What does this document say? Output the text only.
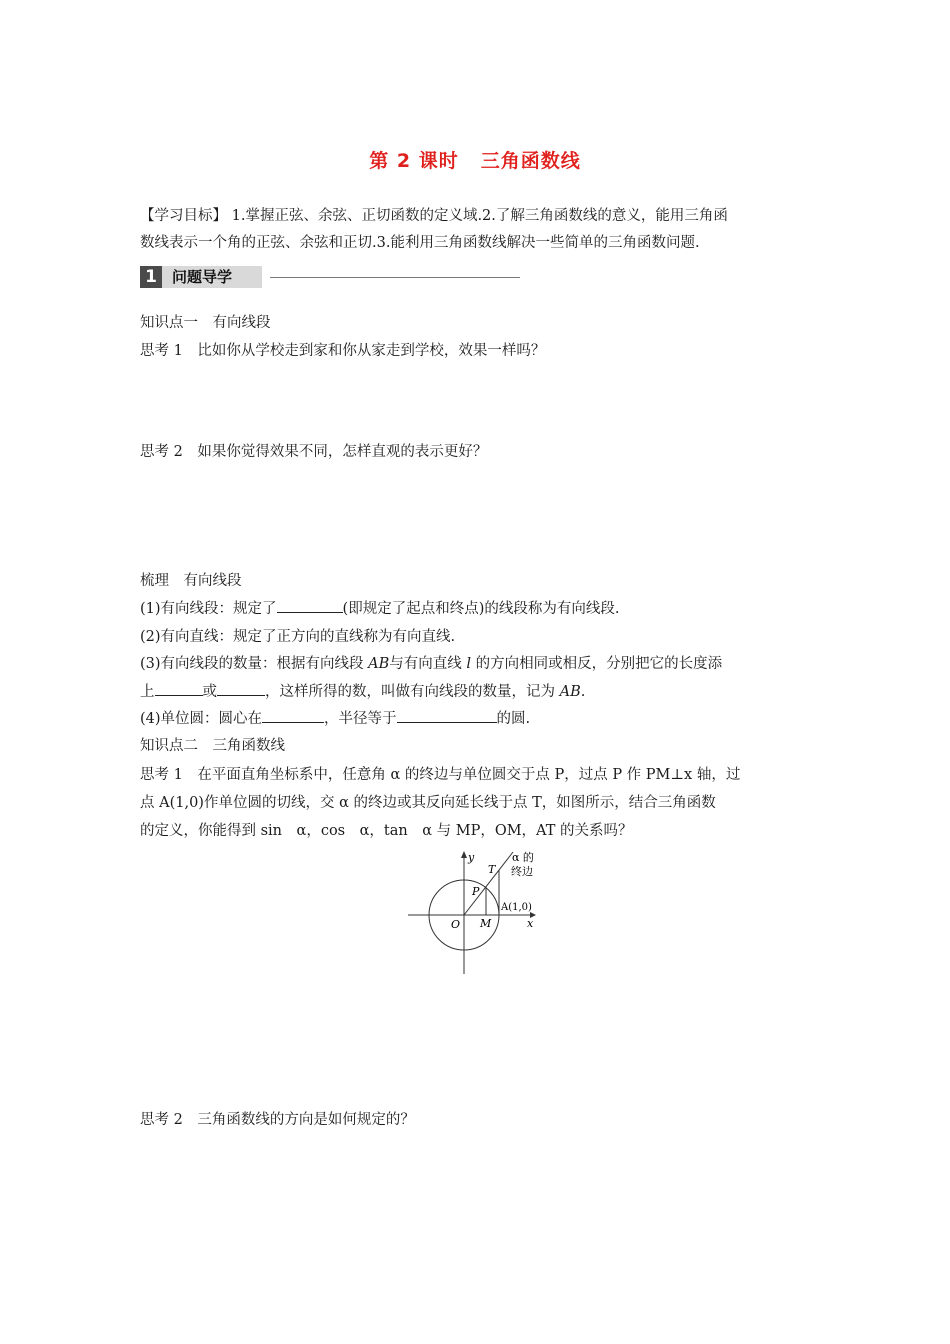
第 2 课时 三角函数线
【学习目标】 1.掌握正弦、余弦、正切函数的定义域.2.了解三角函数线的意义，能用三角函
数线表示一个角的正弦、余弦和正切.3.能利用三角函数线解决一些简单的三角函数问题.
1	问题导学
知识点一　有向线段
思考 1　比如你从学校走到家和你从家走到学校，效果一样吗？
思考 2　如果你觉得效果不同，怎样直观的表示更好？
梳理　有向线段
(1)有向线段：规定了	(即规定了起点和终点)的线段称为有向线段.
(2)有向直线：规定了正方向的直线称为有向直线.
(3)有向线段的数量：根据有向线段 AB与有向直线 l 的方向相同或相反，分别把它的长度添
上	或	，这样所得的数，叫做有向线段的数量，记为 AB.
(4)单位圆：圆心在	，半径等于	的圆.
知识点二　三角函数线
思考 1　在平面直角坐标系中，任意角 α 的终边与单位圆交于点 P，过点 P 作 PM⊥x 轴，过
点 A(1,0)作单位圆的切线，交 α 的终边或其反向延长线于点 T，如图所示，结合三角函数
的定义，你能得到 sin　α，cos　α，tan　α 与 MP，OM，AT 的关系吗？
y
x
O
P
M
T
A(1,0)
α 的
终边
思考 2　三角函数线的方向是如何规定的？
